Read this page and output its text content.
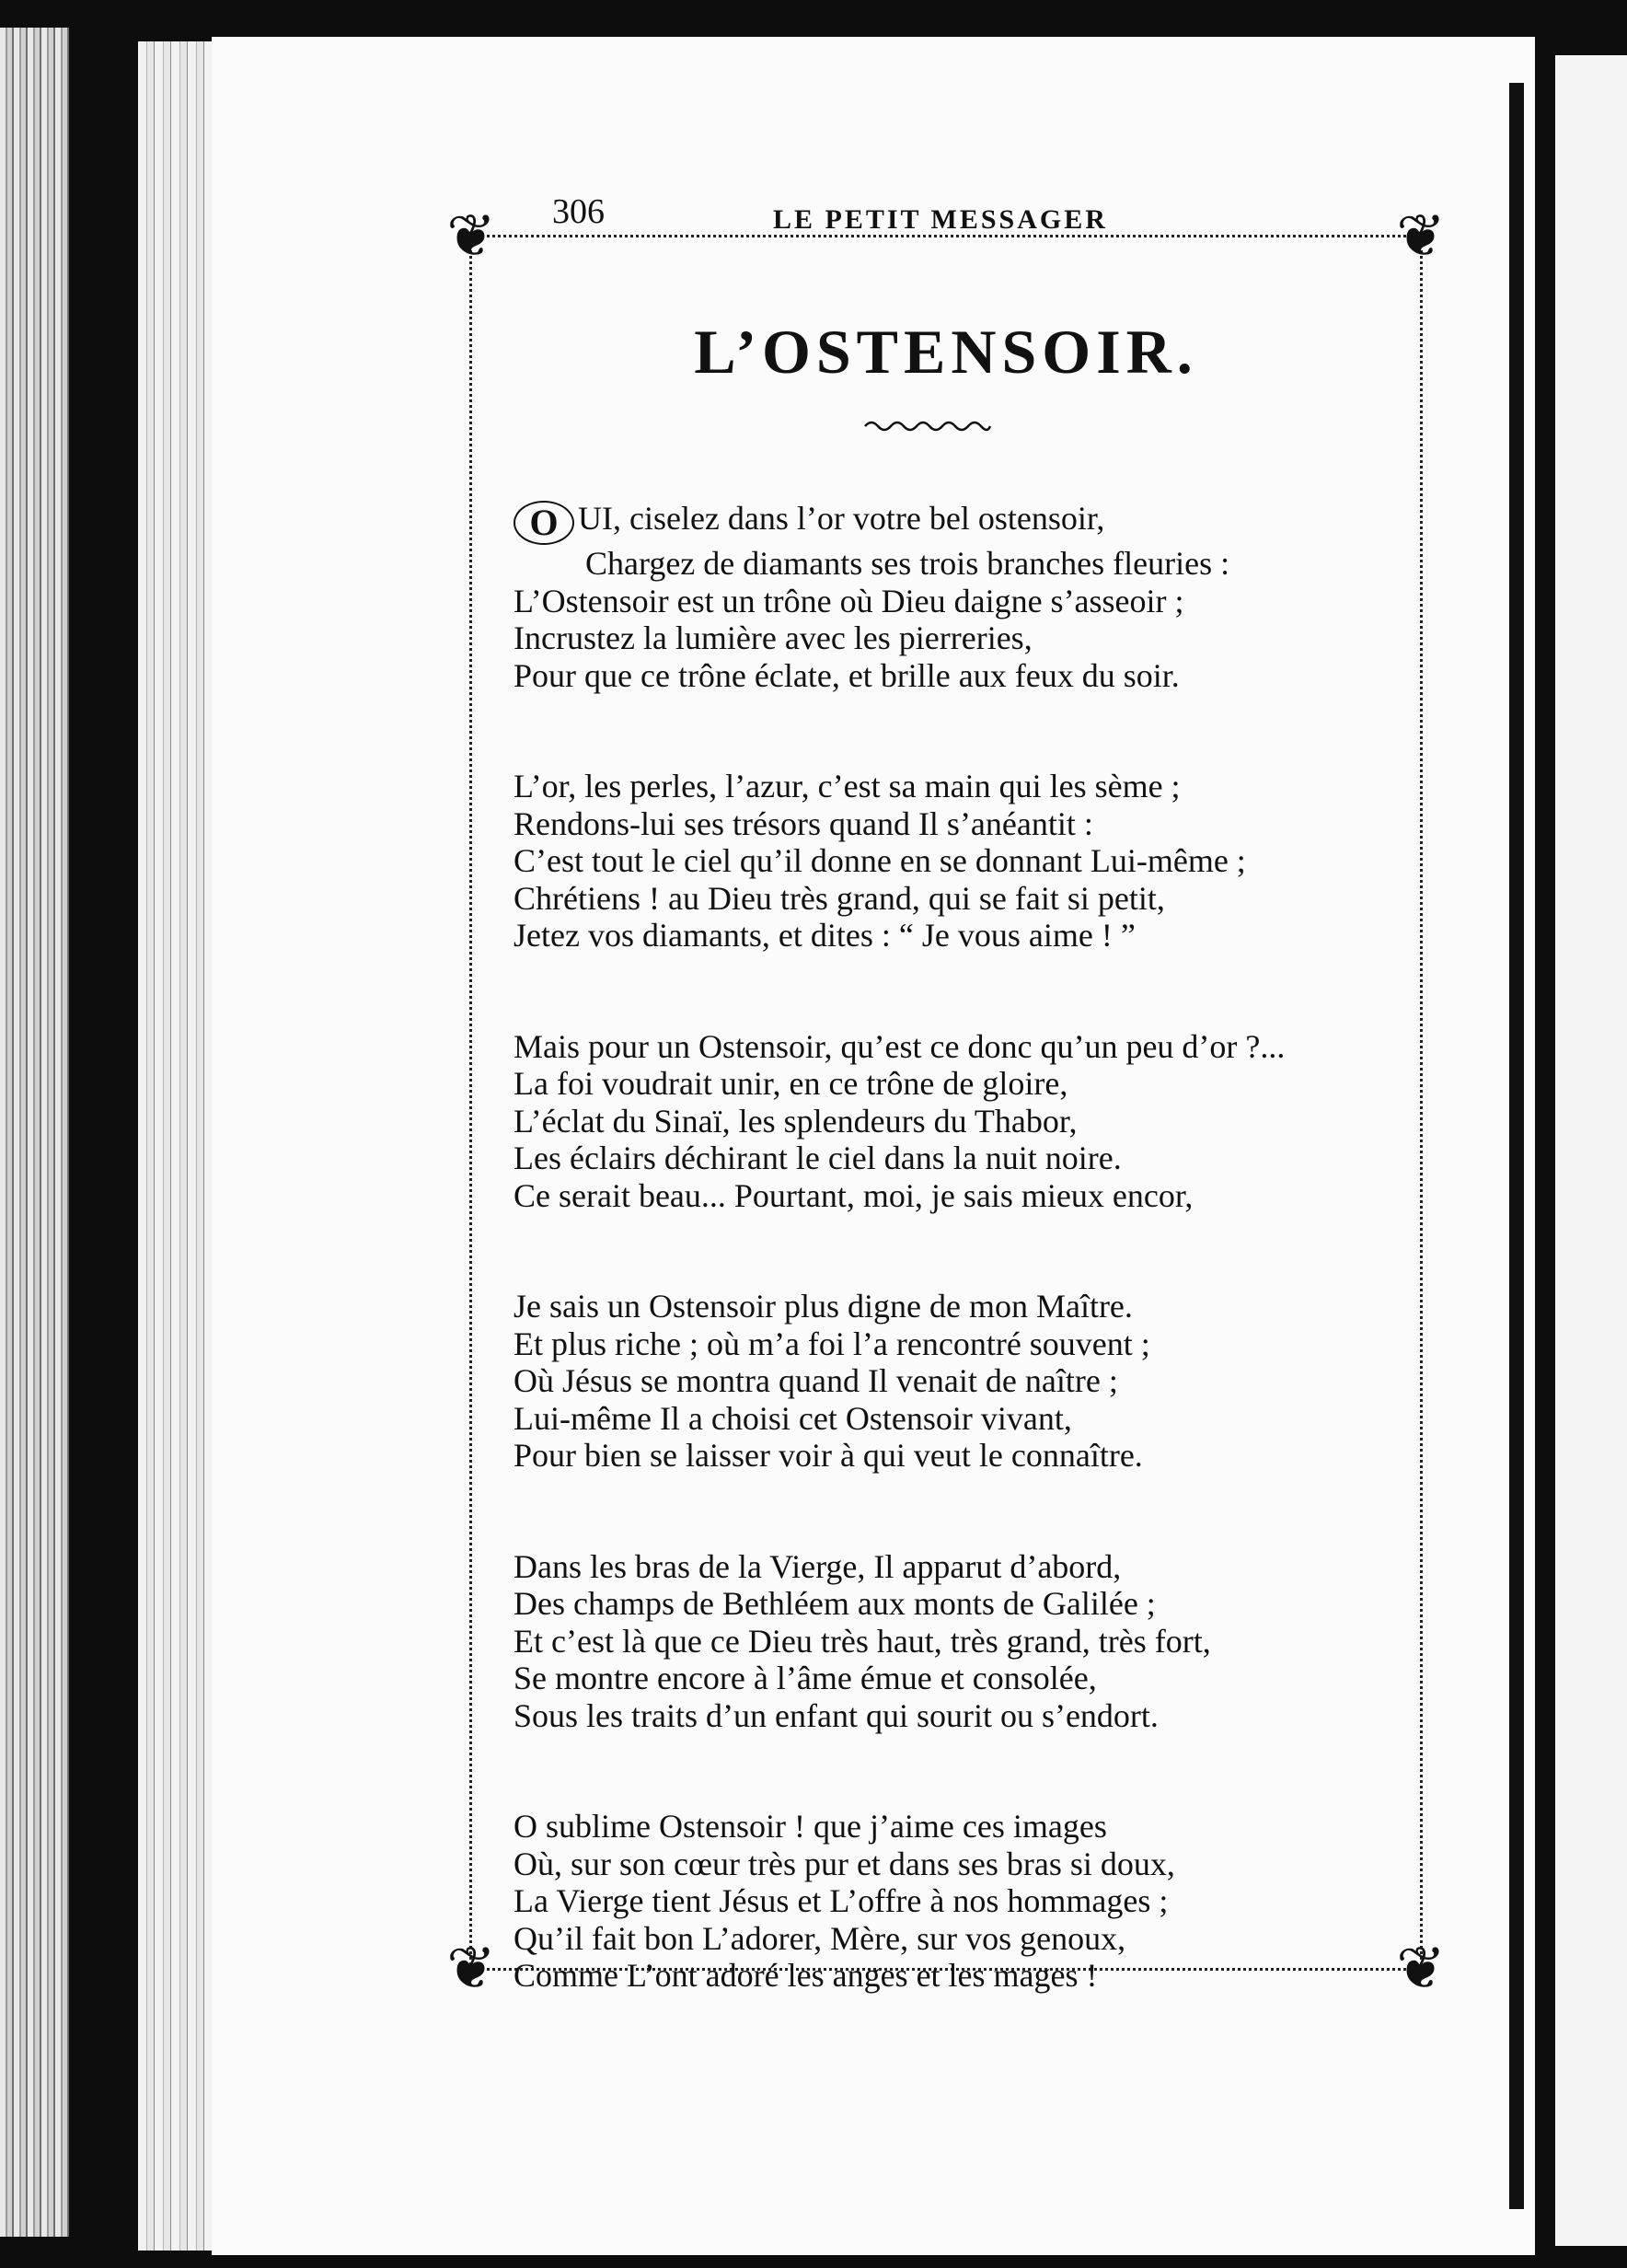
306	LE PETIT MESSAGER
❦	❦
❦	❦
L’OSTENSOIR.
O UI, ciselez dans l’or votre bel ostensoir,
Chargez de diamants ses trois branches fleuries :
L’Ostensoir est un trône où Dieu daigne s’asseoir ;
Incrustez la lumière avec les pierreries,
Pour que ce trône éclate, et brille aux feux du soir.
L’or, les perles, l’azur, c’est sa main qui les sème ;
Rendons-lui ses trésors quand Il s’anéantit :
C’est tout le ciel qu’il donne en se donnant Lui-même ;
Chrétiens ! au Dieu très grand, qui se fait si petit,
Jetez vos diamants, et dites : “ Je vous aime ! ”
Mais pour un Ostensoir, qu’est ce donc qu’un peu d’or ?...
La foi voudrait unir, en ce trône de gloire,
L’éclat du Sinaï, les splendeurs du Thabor,
Les éclairs déchirant le ciel dans la nuit noire.
Ce serait beau... Pourtant, moi, je sais mieux encor,
Je sais un Ostensoir plus digne de mon Maître.
Et plus riche ; où m’a foi l’a rencontré souvent ;
Où Jésus se montra quand Il venait de naître ;
Lui-même Il a choisi cet Ostensoir vivant,
Pour bien se laisser voir à qui veut le connaître.
Dans les bras de la Vierge, Il apparut d’abord,
Des champs de Bethléem aux monts de Galilée ;
Et c’est là que ce Dieu très haut, très grand, très fort,
Se montre encore à l’âme émue et consolée,
Sous les traits d’un enfant qui sourit ou s’endort.
O sublime Ostensoir ! que j’aime ces images
Où, sur son cœur très pur et dans ses bras si doux,
La Vierge tient Jésus et L’offre à nos hommages ;
Qu’il fait bon L’adorer, Mère, sur vos genoux,
Comme L’ont adoré les anges et les mages !
